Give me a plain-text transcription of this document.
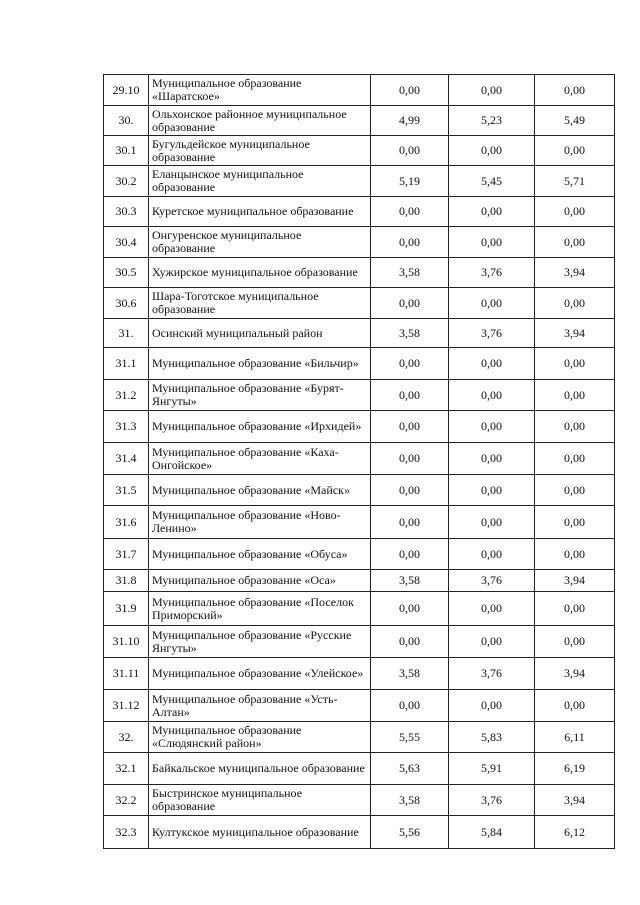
29.10	Муниципальное образование «Шаратское»	0,00	0,00	0,00
30.	Ольхонское районное муниципальное образование	4,99	5,23	5,49
30.1	Бугульдейское муниципальное образование	0,00	0,00	0,00
30.2	Еланцынское муниципальное образование	5,19	5,45	5,71
30.3	Куретское муниципальное образование	0,00	0,00	0,00
30.4	Онгуренское муниципальное образование	0,00	0,00	0,00
30.5	Хужирское муниципальное образование	3,58	3,76	3,94
30.6	Шара-Тоготское муниципальное образование	0,00	0,00	0,00
31.	Осинский муниципальный район	3,58	3,76	3,94
31.1	Муниципальное образование «Бильчир»	0,00	0,00	0,00
31.2	Муниципальное образование «Бурят-Янгуты»	0,00	0,00	0,00
31.3	Муниципальное образование «Ирхидей»	0,00	0,00	0,00
31.4	Муниципальное образование «Каха-Онгойское»	0,00	0,00	0,00
31.5	Муниципальное образование «Майск»	0,00	0,00	0,00
31.6	Муниципальное образование «Ново-Ленино»	0,00	0,00	0,00
31.7	Муниципальное образование «Обуса»	0,00	0,00	0,00
31.8	Муниципальное образование «Оса»	3,58	3,76	3,94
31.9	Муниципальное образование «Поселок Приморский»	0,00	0,00	0,00
31.10	Муниципальное образование «Русские Янгуты»	0,00	0,00	0,00
31.11	Муниципальное образование «Улейское»	3,58	3,76	3,94
31.12	Муниципальное образование «Усть-Алтан»	0,00	0,00	0,00
32.	Муниципальное образование «Слюдянский район»	5,55	5,83	6,11
32.1	Байкальское муниципальное образование	5,63	5,91	6,19
32.2	Быстринское муниципальное образование	3,58	3,76	3,94
32.3	Култукское муниципальное образование	5,56	5,84	6,12
